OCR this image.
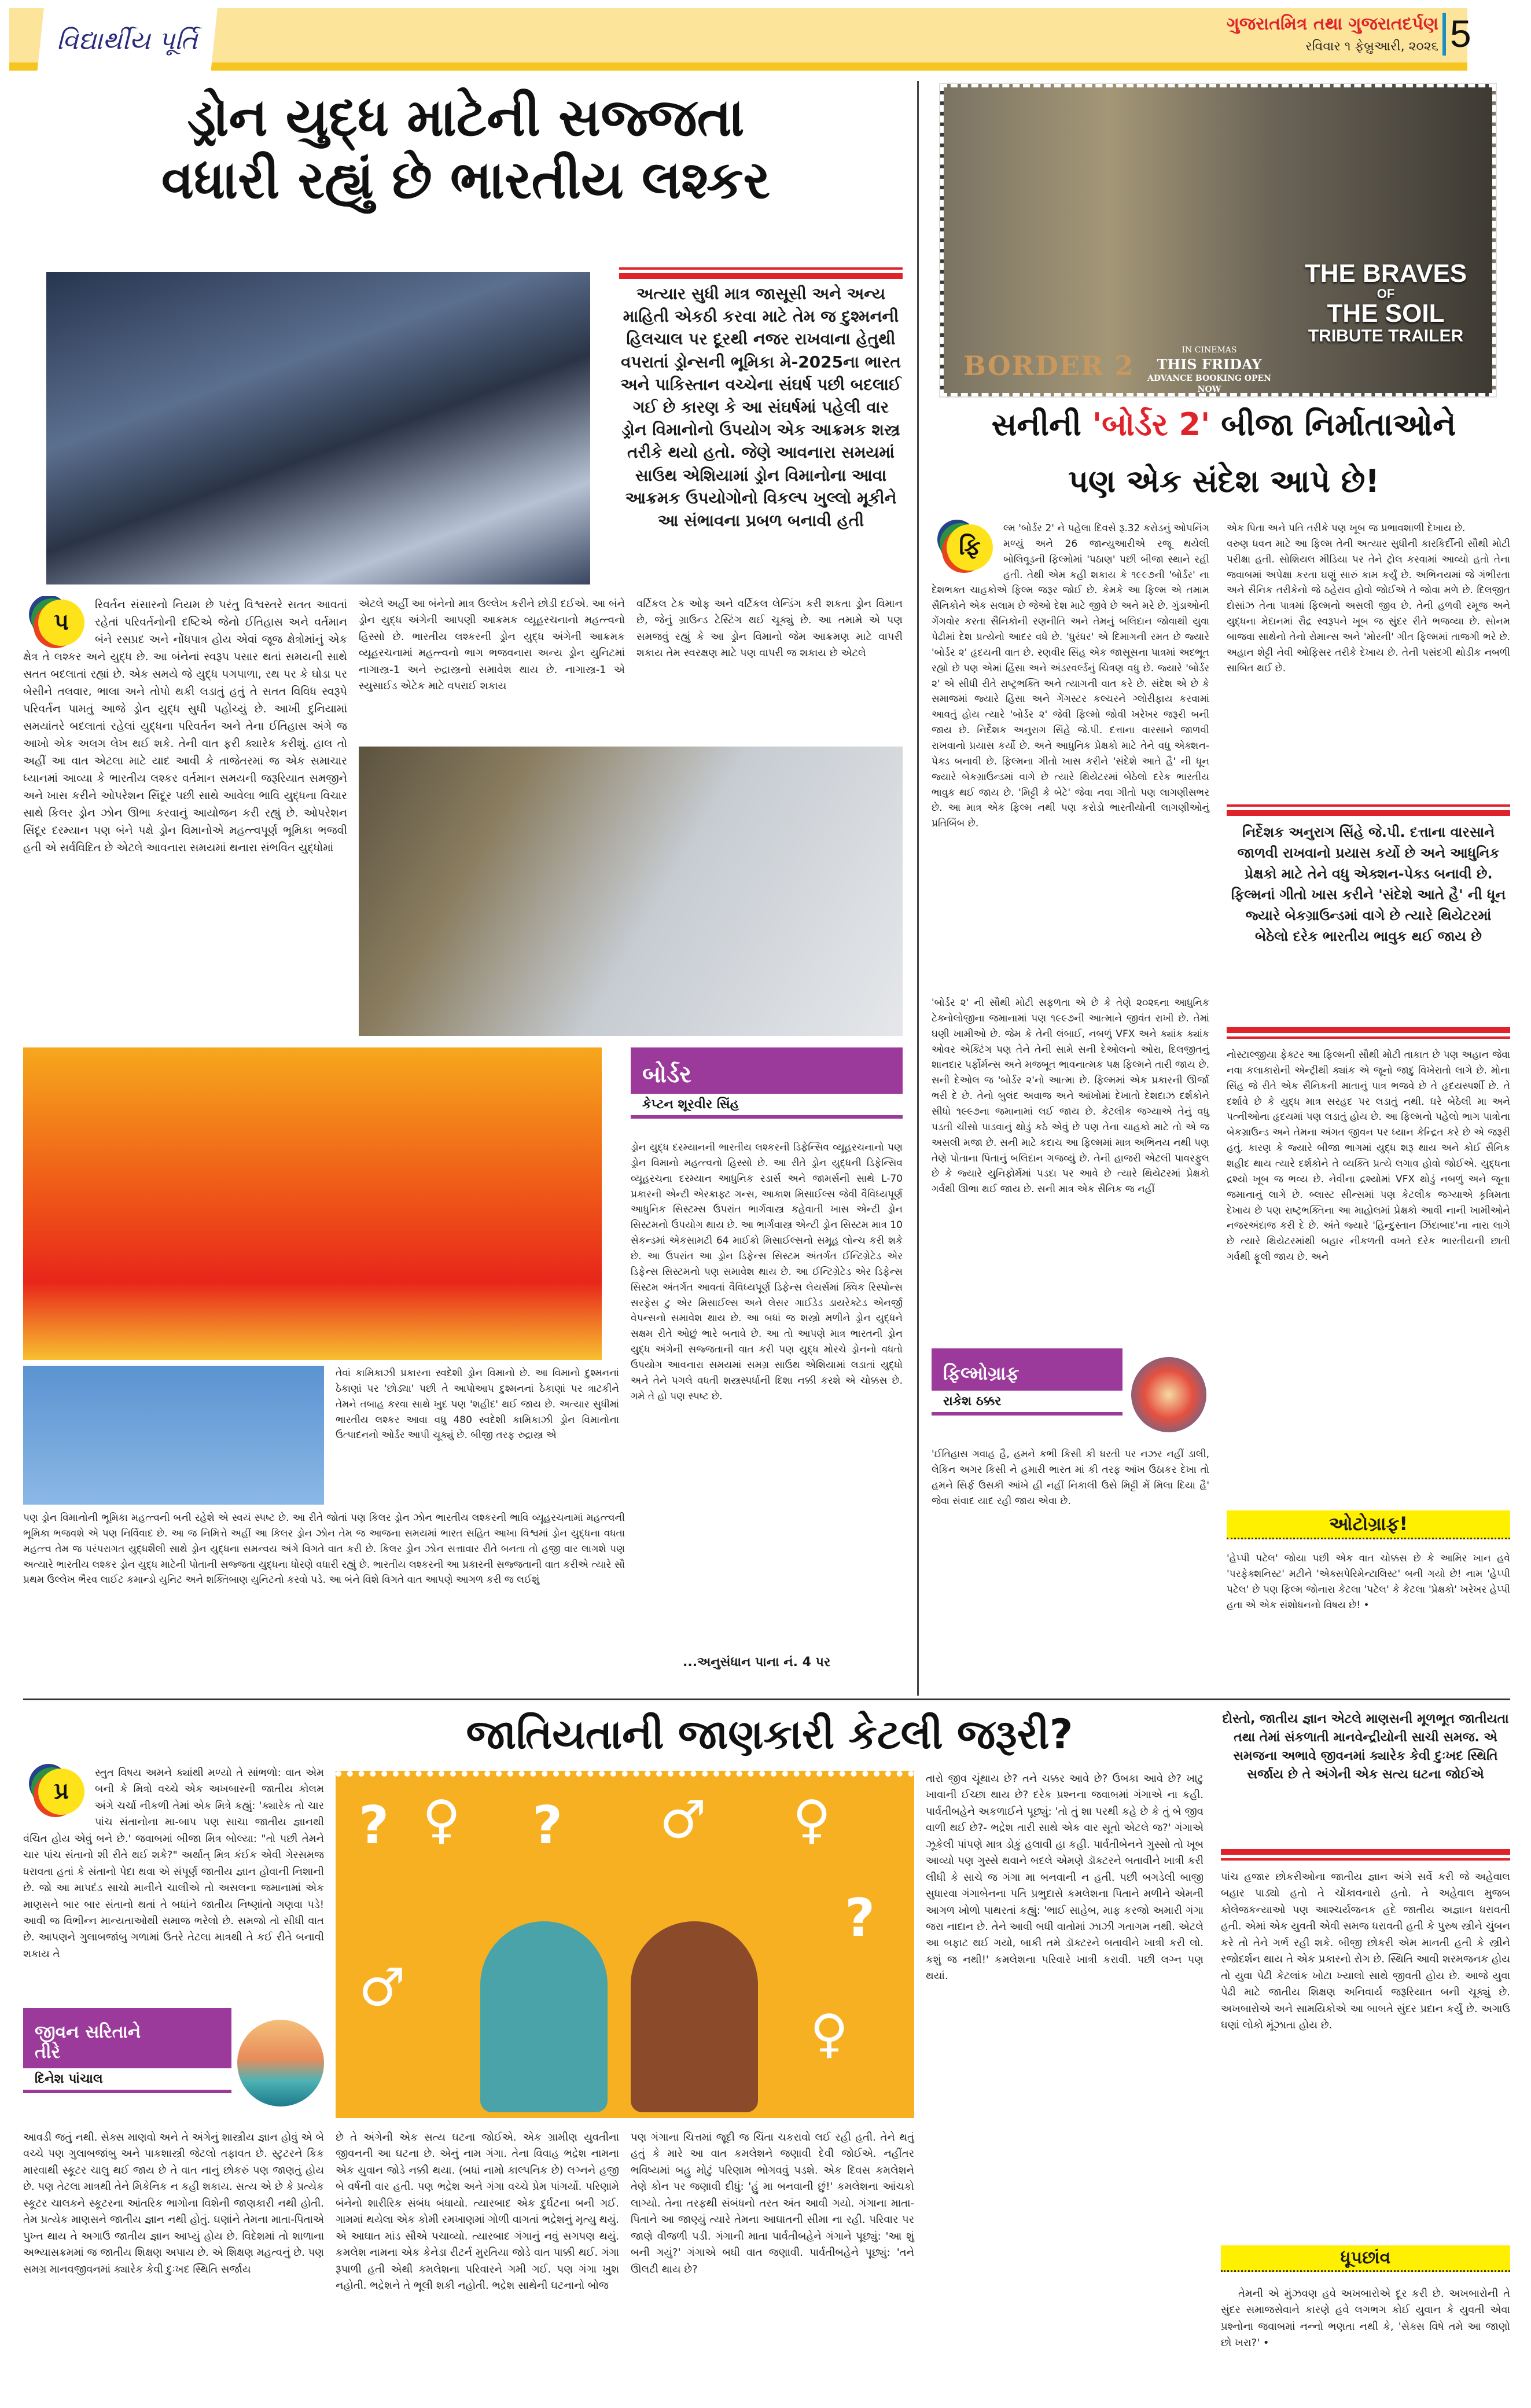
વિદ્યાર્થીય પૂર્તિ
ગુજરાતમિત્ર તથા ગુજરાતદર્પણ
રવિવાર ૧ ફેબ્રુઆરી, ૨૦૨૬ 5
ડ્રોન યુદ્ધ માટેની સજ્જતા
વધારી રહ્યું છે ભારતીય લશ્કર
અત્યાર સુધી માત્ર જાસૂસી અને અન્ય માહિતી એકઠી કરવા માટે તેમ જ દુશ્મનની હિલચાલ પર દૂરથી નજર રાખવાના હેતુથી વપરાતાં ડ્રોન્સની ભૂમિકા મે-2025ના ભારત અને પાકિસ્તાન વચ્ચેના સંઘર્ષ પછી બદલાઈ ગઈ છે કારણ કે આ સંઘર્ષમાં પહેલી વાર ડ્રોન વિમાનોનો ઉપયોગ એક આક્રમક શસ્ત્ર તરીકે થયો હતો. જેણે આવનારા સમયમાં સાઉથ એશિયામાં ડ્રોન વિમાનોના આવા આક્રમક ઉપયોગોનો વિકલ્પ ખુલ્લો મૂકીને આ સંભાવના પ્રબળ બનાવી હતી
પ
રિવર્તન સંસારનો નિયમ છે પરંતુ વિશ્વસ્તરે સતત આવતાં રહેતાં પરિવર્તનોની દષ્ટિએ જેનો ઈતિહાસ અને વર્તમાન બંને રસપ્રદ અને નોંધપાત્ર હોય એવાં જૂજ ક્ષેત્રોમાંનું એક ક્ષેત્ર તે લશ્કર અને યુદ્ધ છે. આ બંનેનાં સ્વરૂપ પસાર થતાં સમયની સાથે સતત બદલાતાં રહ્યાં છે. એક સમયે જે યુદ્ધ પગપાળા, રથ પર કે ઘોડા પર બેસીને તલવાર, ભાલા અને તોપો થકી લડાતું હતું તે સતત વિવિધ સ્વરૂપે પરિવર્તન પામતું આજે ડ્રોન યુદ્ધ સુધી પહોંચ્યું છે. આખી દુનિયામાં સમયાંતરે બદલાતાં રહેલાં યુદ્ધના પરિવર્તન અને તેના ઈતિહાસ અંગે જ આખો એક અલગ લેખ થઈ શકે. તેની વાત ફરી ક્યારેક કરીશું. હાલ તો અહીં આ વાત એટલા માટે યાદ આવી કે તાજેતરમાં જ એક સમાચાર ધ્યાનમાં આવ્યા કે ભારતીય લશ્કર વર્તમાન સમયની જરૂરિયાત સમજીને અને ખાસ કરીને ઓપરેશન સિંદૂર પછી સાથે આવેલા ભાવિ યુદ્ધના વિચાર સાથે કિલર ડ્રોન ઝોન ઊભા કરવાનું આયોજન કરી રહ્યું છે. ઓપરેશન સિંદૂર દરમ્યાન પણ બંને પક્ષે ડ્રોન વિમાનોએ મહત્ત્વપૂર્ણ ભૂમિકા ભજવી હતી એ સર્વવિદિત છે એટલે આવનારા સમયમાં થનારા સંભવિત યુદ્ધોમાં
એટલે અહીં આ બંનેનો માત્ર ઉલ્લેખ કરીને છોડી દઈએ. આ બંને ડ્રોન યુદ્ધ અંગેની આપણી આક્રમક વ્યૂહરચનાનો મહત્ત્વનો હિસ્સો છે. ભારતીય લશ્કરની ડ્રોન યુદ્ધ અંગેની આક્રમક વ્યૂહરચનામાં મહત્ત્વનો ભાગ ભજવનારા અન્ય ડ્રોન યુનિટમાં નાગાસ્ત્ર-1 અને રુદ્રાસ્ત્રનો સમાવેશ થાય છે. નાગાસ્ત્ર-1 એ સ્યુસાઈડ એટેક માટે વપરાઈ શકાય
વર્ટિકલ ટેક ઓફ અને વર્ટિકલ લેન્ડિંગ કરી શકતા ડ્રોન વિમાન છે, જેનું ગ્રાઉન્ડ ટેસ્ટિંગ થઈ ચૂક્યું છે. આ તમામે એ પણ સમજવું રહ્યું કે આ ડ્રોન વિમાનો જેમ આક્રમણ માટે વાપરી શકાય તેમ સ્વરક્ષણ માટે પણ વાપરી જ શકાય છે એટલે
બોર્ડર
કેપ્ટન શૂરવીર સિંહ
ડ્રોન યુદ્ધ દરમ્યાનની ભારતીય લશ્કરની ડિફેન્સિવ વ્યૂહરચનાનો પણ ડ્રોન વિમાનો મહત્ત્વનો હિસ્સો છે. આ રીતે ડ્રોન યુદ્ધની ડિફેન્સિવ વ્યૂહરચના દરમ્યાન આધુનિક રડાર્સ અને જામર્સની સાથે L-70 પ્રકારની એન્ટી એરક્રાફ્ટ ગન્સ, આકાશ મિસાઈલ્સ જેવી વૈવિધ્યપૂર્ણ આધુનિક સિસ્ટમ્સ ઉપરાંત ભાર્ગવાસ્ત્ર કહેવાતી ખાસ એન્ટી ડ્રોન સિસ્ટમનો ઉપયોગ થાય છે. આ ભાર્ગવાસ્ત્ર એન્ટી ડ્રોન સિસ્ટમ માત્ર 10 સેકન્ડમાં એકસામટી 64 માઈક્રો મિસાઈલ્સનો સમૂહ લોન્ચ કરી શકે છે. આ ઉપરાંત આ ડ્રોન ડિફેન્સ સિસ્ટમ અંતર્ગત ઈન્ટિગ્રેટેડ એર ડિફેન્સ સિસ્ટમનો પણ સમાવેશ થાય છે. આ ઈન્ટિગ્રેટેડ એર ડિફેન્સ સિસ્ટમ અંતર્ગત આવતાં વૈવિધ્યપૂર્ણ ડિફેન્સ લેયર્સમાં ક્વિક રિસ્પોન્સ સરફેસ ટુ એર મિસાઈલ્સ અને લેસર ગાઈડેડ ડાયરેક્ટેડ એનર્જી વેપન્સનો સમાવેશ થાય છે. આ બધાં જ શસ્ત્રો મળીને ડ્રોન યુદ્ધને સક્ષમ રીતે ઓછું ભારે બનાવે છે. આ તો આપણે માત્ર ભારતની ડ્રોન યુદ્ધ અંગેની સજ્જતાની વાત કરી પણ યુદ્ધ મોરચે ડ્રોનનો વધતો ઉપયોગ આવનારા સમયમાં સમગ્ર સાઉથ એશિયામાં લડાતાં યુદ્ધો અને તેને પગલે વધતી શસ્ત્રસ્પર્ધાની દિશા નક્કી કરશે એ ચોક્કસ છે. ગમે તે હો પણ સ્પષ્ટ છે.
તેવાં કામિકાઝી પ્રકારના સ્વદેશી ડ્રોન વિમાનો છે. આ વિમાનો દુશ્મનનાં ઠેકાણાં પર 'છોડ્યા' પછી તે આપોઆપ દુશ્મનનાં ઠેકાણાં પર ત્રાટકીને તેમને તબાહ કરવા સાથે ખુદ પણ 'શહીદ' થઈ જાય છે. અત્યાર સુધીમાં ભારતીય લશ્કર આવા વધુ 480 સ્વદેશી કામિકાઝી ડ્રોન વિમાનોના ઉત્પાદનનો ઓર્ડર આપી ચૂક્યું છે. બીજી તરફ રુદ્રાસ્ત્ર એ
પણ ડ્રોન વિમાનોની ભૂમિકા મહત્ત્વની બની રહેશે એ સ્વયં સ્પષ્ટ છે. આ રીતે જોતાં પણ કિલર ડ્રોન ઝોન ભારતીય લશ્કરની ભાવિ વ્યૂહરચનામાં મહત્ત્વની ભૂમિકા ભજવશે એ પણ નિર્વિવાદ છે. આ જ નિમિત્તે અહીં આ કિલર ડ્રોન ઝોન તેમ જ આજના સમયમાં ભારત સહિત આખા વિશ્વમાં ડ્રોન યુદ્ધના વધતા મહત્ત્વ તેમ જ પરંપરાગત યુદ્ધશૈલી સાથે ડ્રોન યુદ્ધના સમન્વય અંગે વિગતે વાત કરી છે. કિલર ડ્રોન ઝોન સત્તાવાર રીતે બનતા તો હજી વાર લાગશે પણ અત્યારે ભારતીય લશ્કર ડ્રોન યુદ્ધ માટેની પોતાની સજ્જતા યુદ્ધના ધોરણે વધારી રહ્યું છે. ભારતીય લશ્કરની આ પ્રકારની સજ્જતાની વાત કરીએ ત્યારે સૌ પ્રથમ ઉલ્લેખ ભૈરવ લાઈટ કમાન્ડો યુનિટ અને શક્તિબાણ યુનિટનો કરવો પડે. આ બંને વિશે વિગતે વાત આપણે આગળ કરી જ લઈશું
...અનુસંધાન પાના નં. 4 પર
BORDER 2	IN CINEMAS
THIS FRIDAY
ADVANCE BOOKING OPEN NOW
THE BRAVES
OF
THE SOIL
TRIBUTE TRAILER
સનીની 'બોર્ડર 2' બીજા નિર્માતાઓને
પણ એક સંદેશ આપે છે!
ફિ
લ્મ 'બોર્ડર 2' ને પહેલા દિવસે રૂ.32 કરોડનું ઓપનિંગ મળ્યું અને 26 જાન્યુઆરીએ રજૂ થયેલી બોલિવૂડની ફિલ્મોમાં 'પઠાણ' પછી બીજા સ્થાને રહી હતી. તેથી એમ કહી શકાય કે ૧૯૯૭ની 'બોર્ડર' ના દેશભક્ત ચાહકોએ ફિલ્મ જરૂર જોઈ છે. કેમકે આ ફિલ્મ એ તમામ સૈનિકોને એક સલામ છે જેઓ દેશ માટે જીવે છે અને મરે છે. ગુંડાઓની ગેંગવોર કરતા સૈનિકોની રણનીતિ અને તેમનું બલિદાન જોવાથી યુવા પેઢીમાં દેશ પ્રત્યેનો આદર વધે છે. 'ધુરંધર' એ દિમાગની રમત છે જ્યારે 'બોર્ડર ૨' હૃદયની વાત છે. રણવીર સિંહ એક જાસૂસના પાત્રમાં અદભૂત રહ્યો છે પણ એમાં હિંસા અને અંડરવર્લ્ડનું ચિત્રણ વધુ છે. જ્યારે 'બોર્ડર ૨' એ સીધી રીતે રાષ્ટ્રભક્તિ અને ત્યાગની વાત કરે છે. સંદેશ એ છે કે સમાજમાં જ્યારે હિંસા અને ગેંગસ્ટર કલ્ચરને ગ્લોરીફાય કરવામાં આવતું હોય ત્યારે 'બોર્ડર ૨' જેવી ફિલ્મો જોવી ખરેખર જરૂરી બની જાય છે. નિર્દેશક અનુરાગ સિંહે જે.પી. દત્તાના વારસાને જાળવી રાખવાનો પ્રયાસ કર્યો છે. અને આધુનિક પ્રેક્ષકો માટે તેને વધુ એક્શન-પેક્ડ બનાવી છે. ફિલ્મના ગીતો ખાસ કરીને 'સંદેશે આતે હૈ' ની ધૂન જ્યારે બેકગ્રાઉન્ડમાં વાગે છે ત્યારે થિયેટરમાં બેઠેલો દરેક ભારતીય ભાવુક થઈ જાય છે. 'મિટ્ટી કે બેટે' જેવા નવા ગીતો પણ લાગણીસભર છે. આ માત્ર એક ફિલ્મ નથી પણ કરોડો ભારતીયોની લાગણીઓનું પ્રતિબિંબ છે.
એક પિતા અને પતિ તરીકે પણ ખૂબ જ પ્રભાવશાળી દેખાય છે.
વરુણ ધવન માટે આ ફિલ્મ તેની અત્યાર સુધીની કારકિર્દીની સૌથી મોટી પરીક્ષા હતી. સોશિયલ મીડિયા પર તેને ટ્રોલ કરવામાં આવ્યો હતો તેના જવાબમાં અપેક્ષા કરતા ઘણું સારું કામ કર્યું છે. અભિનયમાં જે ગંભીરતા અને સૈનિક તરીકેનો જે ઠહેરાવ હોવો જોઈએ તે જોવા મળે છે. દિલજીત દોસાંઝ તેના પાત્રમાં ફિલ્મનો અસલી જીવ છે. તેની હળવી રમૂજ અને યુદ્ધના મેદાનમાં રૌદ્ર સ્વરૂપને ખૂબ જ સુંદર રીતે ભજવ્યા છે. સોનમ બાજવા સાથેનો તેનો રોમાન્સ અને 'મોરની' ગીત ફિલ્મમાં તાજગી ભરે છે. અહાન શેટ્ટી નેવી ઓફિસર તરીકે દેખાય છે. તેની પસંદગી થોડીક નબળી સાબિત થઈ છે.
નિર્દેશક અનુરાગ સિંહે જે.પી. દત્તાના વારસાને જાળવી રાખવાનો પ્રયાસ કર્યો છે અને આધુનિક પ્રેક્ષકો માટે તેને વધુ એક્શન-પેક્ડ બનાવી છે. ફિલ્મનાં ગીતો ખાસ કરીને 'સંદેશે આતે હૈ' ની ધૂન જ્યારે બેકગ્રાઉન્ડમાં વાગે છે ત્યારે થિયેટરમાં બેઠેલો દરેક ભારતીય ભાવુક થઈ જાય છે
નોસ્ટાલ્જીયા ફેક્ટર આ ફિલ્મની સૌથી મોટી તાકાત છે પણ અહાન જેવા નવા કલાકારોની એન્ટ્રીથી ક્યાંક એ જૂનો જાદુ વિખેરાતો લાગે છે. મોના સિંહ જે રીતે એક સૈનિકની માતાનું પાત્ર ભજવે છે તે હૃદયસ્પર્શી છે. તે દર્શાવે છે કે યુદ્ધ માત્ર સરહદ પર લડાતું નથી. ઘરે બેઠેલી મા અને પત્નીઓના હૃદયમાં પણ લડાતું હોય છે. આ ફિલ્મનો પહેલો ભાગ પાત્રોના બેકગ્રાઉન્ડ અને તેમના અંગત જીવન પર ધ્યાન કેન્દ્રિત કરે છે એ જરૂરી હતું. કારણ કે જ્યારે બીજા ભાગમાં યુદ્ધ શરૂ થાય અને કોઈ સૈનિક શહીદ થાય ત્યારે દર્શકોને તે વ્યક્તિ પ્રત્યે લગાવ હોવો જોઈએ. યુદ્ધના દ્રશ્યો ખૂબ જ ભવ્ય છે. નેવીના દ્રશ્યોમાં VFX થોડું નબળું અને જૂના જમાનાનું લાગે છે. બ્લાસ્ટ સીન્સમાં પણ કેટલીક જગ્યાએ કૃત્રિમતા દેખાય છે પણ રાષ્ટ્રભક્તિના આ માહોલમાં પ્રેક્ષકો આવી નાની ખામીઓને નજરઅંદાજ કરી દે છે. અંતે જ્યારે 'હિન્દુસ્તાન ઝિંદાબાદ'ના નારા લાગે છે ત્યારે થિયેટરમાંથી બહાર નીકળતી વખતે દરેક ભારતીયની છાતી ગર્વથી ફૂલી જાય છે. અને
'બોર્ડર ૨' ની સૌથી મોટી સફળતા એ છે કે તેણે ૨૦૨૬ના આધુનિક ટેક્નોલોજીના જમાનામાં પણ ૧૯૯૭ની આત્માને જીવંત રાખી છે. તેમાં ઘણી ખામીઓ છે. જેમ કે તેની લંબાઈ, નબળું VFX અને ક્યાંક ક્યાંક ઓવર એક્ટિંગ પણ તેને તેની સામે સની દેઓલનો ઓરા, દિલજીતનું શાનદાર પર્ફોર્મન્સ અને મજબૂત ભાવનાત્મક પક્ષ ફિલ્મને તારી જાય છે. સની દેઓલ જ 'બોર્ડર ૨'નો આત્મા છે. ફિલ્મમાં એક પ્રકારની ઊર્જા ભરી દે છે. તેનો બુલંદ અવાજ અને આંખોમાં દેખાતો દેશદાઝ દર્શકોને સીધો ૧૯૯૭ના જમાનામાં લઈ જાય છે. કેટલીક જગ્યાએ તેનું વધુ પડતી ચીસો પાડવાનું થોડું કઠે એવું છે પણ તેના ચાહકો માટે તો એ જ અસલી મજા છે. સની માટે કદાચ આ ફિલ્મમાં માત્ર અભિનય નથી પણ તેણે પોતાના પિતાનું બલિદાન ગજવ્યું છે. તેની હાજરી એટલી પાવરફુલ છે કે જ્યારે યુનિફોર્મમાં પડદા પર આવે છે ત્યારે થિયેટરમાં પ્રેક્ષકો ગર્વથી ઊભા થઈ જાય છે. સની માત્ર એક સૈનિક જ નહીં
ફિલ્મોગ્રાફ
રાકેશ ઠક્કર
'ઈતિહાસ ગવાહ હૈ, હમને કભી કિસી કી ધરતી પર નઝર નહીં ડાલી, લેકિન અગર કિસી ને હમારી ભારત માં કી તરફ આંખ ઉઠાકર દેખા તો હમને સિર્ફ ઉસકી આંખે હી નહીં નિકાલી ઉસે મિટ્ટી મેં મિલા દિયા હૈ' જેવા સંવાદ યાદ રહી જાય એવા છે.
ઓટોગ્રાફ!
'હેપ્પી પટેલ' જોયા પછી એક વાત ચોક્કસ છે કે આમિર ખાન હવે 'પરફેક્શનિસ્ટ' મટીને 'એક્સપેરિમેન્ટાલિસ્ટ' બની ગયો છે! નામ 'હેપ્પી પટેલ' છે પણ ફિલ્મ જોનારા કેટલા 'પટેલ' કે કેટલા 'પ્રેક્ષકો' ખરેખર હેપ્પી હતા એ એક સંશોધનનો વિષય છે! •
જાતિયતાની જાણકારી કેટલી જરૂરી?
પ્ર
સ્તુત વિષય અમને ક્યાંથી મળ્યો તે સાંભળો: વાત એમ બની કે મિત્રો વચ્ચે એક અખબારની જાતીય કોલમ અંગે ચર્ચા નીકળી તેમાં એક મિત્રે કહ્યું: 'ક્યારેક તો ચાર પાંચ સંતાનોના મા-બાપ પણ સાચા જાતીય જ્ઞાનથી વંચિત હોય એવું બને છે.' જવાબમાં બીજા મિત્ર બોલ્યા: "તો પછી તેમને ચાર પાંચ સંતાનો શી રીતે થઈ શકે?" અર્થાત્ મિત્ર કંઈક એવી ગેરસમજ ધરાવતા હતાં કે સંતાનો પેદા થવા એ સંપૂર્ણ જાતીય જ્ઞાન હોવાની નિશાની છે. જો આ માપદંડ સાચો માનીને ચાલીએ તો અસલના જમાનામાં એક માણસને બાર બાર સંતાનો થતાં તે બધાંને જાતીય નિષ્ણાંતો ગણવા પડે! આવી જ વિભીન્ન માન્યતાઓથી સમાજ ભરેલો છે. સમજો તો સીધી વાત છે. આપણને ગુલાબજાંબુ ગળામાં ઉતરે તેટલા માત્રથી તે કઈ રીતે બનાવી શકાય તે
? ♀ ? ♂ ♀
?
♂
♀
જીવન સરિતાને તીરે
દિનેશ પાંચાલ
આવડી જતું નથી. સેક્સ માણવો અને તે અંગેનું શાસ્ત્રીય જ્ઞાન હોવું એ બે વચ્ચે પણ ગુલાબજાંબુ અને પાકશાસ્ત્રી જેટલો તફાવત છે. સ્ટુટરને કિક મારવાથી સ્કૂટર ચાલુ થઈ જાય છે તે વાત નાનું છોકરું પણ જાણતું હોય છે. પણ તેટલા માત્રથી તેને મિકેનિક ન કહી શકાય. સત્ય એ છે કે પ્રત્યેક સ્કૂટર ચાલકને સ્કૂટરના આંતરિક ભાગોના વિશેની જાણકારી નથી હોતી. તેમ પ્રત્યેક માણસને જાતીય જ્ઞાન નથી હોતું. ઘણાંને તેમના માતા-પિતાએ પુખ્ત થાય તે અગાઉ જાતીય જ્ઞાન આપ્યું હોય છે. વિદેશમાં તો શાળાના અભ્યાસક્રમમાં જ જાતીય શિક્ષણ અપાય છે. એ શિક્ષણ મહત્વનું છે. પણ સમગ્ર માનવજીવનમાં ક્યારેક કેવી દુઃખદ સ્થિતિ સર્જાય
છે તે અંગેની એક સત્ય ઘટના જોઈએ. એક ગ્રામીણ યુવતીના જીવનની આ ઘટના છે. એનું નામ ગંગા. તેના વિવાહ ભદ્રેશ નામના એક યુવાન જોડે નક્કી થયા. (બધાં નામો કાલ્પનિક છે) લગ્નને હજી બે વર્ષની વાર હતી. પણ ભદ્રેશ અને ગંગા વચ્ચે પ્રેમ પાંગર્યો. પરિણામે બંનેનો શારીરિક સંબંધ બંધાયો. ત્યારબાદ એક દુર્ઘટના બની ગઈ. ગામમાં થયેલા એક કોમી રમખાણમાં ગોળી વાગતાં ભદ્રેશનું મૃત્યુ થયું. એ આઘાત માંડ સૌએ પચાવ્યો. ત્યારબાદ ગંગાનું નવું સગપણ થયું. કમલેશ નામના એક કેનેડા રીટર્ન મુરતિયા જોડે વાત પાક્કી થઈ. ગંગા રૂપાળી હતી એથી કમલેશના પરિવારને ગમી ગઈ. પણ ગંગા ખુશ નહોતી. ભદ્રેશને તે ભૂલી શકી નહોતી. ભદ્રેશ સાથેની ઘટનાનો બોજ
પણ ગંગાના ચિત્તમાં જૂદી જ ચિંતા ચકરાવો લઈ રહી હતી. તેને થતું હતું કે મારે આ વાત કમલેશને જણાવી દેવી જોઈએ. નહીંતર ભવિષ્યમાં બહુ મોટું પરિણામ ભોગવવું પડશે. એક દિવસ કમલેશને તેણે કોન પર જણાવી દીધું: 'હું મા બનવાની છું!' કમલેશના આંચકો લાગ્યો. તેના તરફથી સંબંધનો તરત અંત આવી ગયો. ગંગાના માતા-પિતાને આ જાણ્યું ત્યારે તેમના આઘાતની સીમા ના રહી. પરિવાર પર જાણે વીજળી પડી. ગંગાની માતા પાર્વતીબહેને ગંગાને પૂછ્યું: 'આ શું બની ગયું?' ગંગાએ બધી વાત જણાવી. પાર્વતીબહેને પૂછ્યું: 'તને ઊલટી થાય છે?
તારો જીવ ચૂંથાય છે? તને ચક્કર આવે છે? ઉબકા આવે છે? ખાટુ ખાવાની ઈચ્છા થાય છે? દરેક પ્રશ્નના જવાબમાં ગંગાએ ના કહી. પાર્વતીબહેને અકળાઈને પૂછ્યું: 'તો તું શા પરથી કહે છે કે તું બે જીવ વાળી થઈ છે?- ભદ્રેશ તારી સાથે એક વાર સૂતો એટલે જ?' ગંગાએ ઝૂકેલી પાંપણે માત્ર ડોકું હલાવી હા કહી. પાર્વતીબેનને ગુસ્સો તો ખૂબ આવ્યો પણ ગુસ્સે થવાને બદલે એમણે ડૉક્ટરને બતાવીને ખાત્રી કરી લીધી કે સાચે જ ગંગા મા બનવાની ન હતી. પછી બગડેલી બાજી સુધારવા ગંગાબેનના પતિ પ્રભુદાસે કમલેશના પિતાને મળીને એમની આગળ ખોળો પાથરતાં કહ્યું: 'ભાઈ સાહેબ, માફ કરજો અમારી ગંગા જરા નાદાન છે. તેને આવી બધી વાતોમાં ઝાઝી ગતાગમ નથી. એટલે આ બફાટ થઈ ગયો, બાકી તમે ડૉક્ટરને બતાવીને ખાત્રી કરી લો. કશું જ નથી!' કમલેશના પરિવારે ખાત્રી કરાવી. પછી લગ્ન પણ થયાં.
દોસ્તો, જાતીય જ્ઞાન એટલે માણસની મૂળભૂત જાતીયતા તથા તેમાં સંકળાતી માનવેન્દ્રીયોની સાચી સમજ. એ સમજના અભાવે જીવનમાં ક્યારેક કેવી દુઃખદ સ્થિતિ સર્જાય છે તે અંગેની એક સત્ય ઘટના જોઈએ
પાંચ હજાર છોકરીઓના જાતીય જ્ઞાન અંગે સર્વે કરી જે અહેવાલ બહાર પાડ્યો હતો તે ચોંકાવનારો હતો. તે અહેવાલ મુજબ કોલેજકન્યાઓ પણ આશ્ચર્યજનક હદે જાતીય અજ્ઞાન ધરાવતી હતી. એમાં એક યુવતી એવી સમજ ધરાવતી હતી કે પુરુષ સ્ત્રીને ચુંબન કરે તો તેને ગર્ભ રહી શકે. બીજી છોકરી એમ માનતી હતી કે સ્ત્રીને રજોદર્શન થાય તે એક પ્રકારનો રોગ છે. સ્થિતિ આવી શરમજનક હોય તો યુવા પેઢી કેટલાંક ખોટા ખ્યાલો સાથે જીવતી હોય છે. આજે યુવા પેઢી માટે જાતીય શિક્ષણ અનિવાર્ય જરૂરિયાત બની ચૂક્યું છે. અખબારોએ અને સામયિકોએ આ બાબતે સુંદર પ્રદાન કર્યું છે. અગાઉ ઘણાં લોકો મૂંઝાતા હોય છે.
ધૂપછાંવ
તેમની એ મુંઝવણ હવે અખબારોએ દૂર કરી છે. અખબારોની તે સુંદર સમાજસેવાને કારણે હવે લગભગ કોઈ યુવાન કે યુવતી એવા પ્રશ્નોના જવાબમાં નન્નો ભણતા નથી કે, 'સેક્સ વિષે તમે આ જાણો છો ખરા?' •
